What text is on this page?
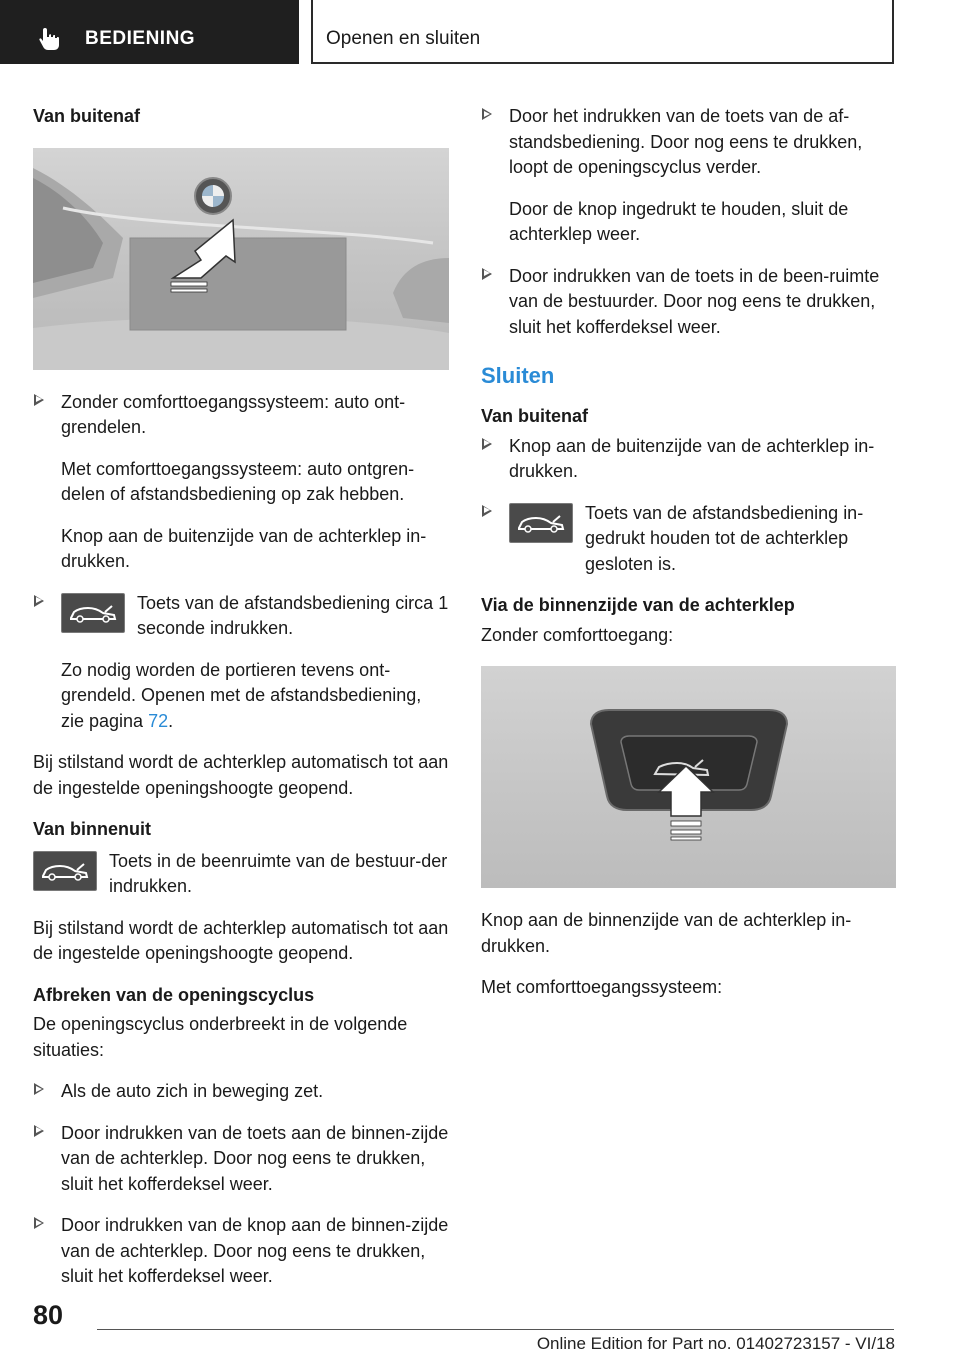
BEDIENING	Openen en sluiten
Van buitenaf
Zonder comforttoegangssysteem: auto ont-grendelen.
Met comforttoegangssysteem: auto ontgren-delen of afstandsbediening op zak hebben.
Knop aan de buitenzijde van de achterklep in-drukken.
Toets van de afstandsbediening circa 1 seconde indrukken.
Zo nodig worden de portieren tevens ont-grendeld. Openen met de afstandsbediening, zie pagina 72.
Bij stilstand wordt de achterklep automatisch tot aan de ingestelde openingshoogte geopend.
Van binnenuit
Toets in de beenruimte van de bestuur-der indrukken.
Bij stilstand wordt de achterklep automatisch tot aan de ingestelde openingshoogte geopend.
Afbreken van de openingscyclus
De openingscyclus onderbreekt in de volgende situaties:
Als de auto zich in beweging zet.
Door indrukken van de toets aan de binnen-zijde van de achterklep. Door nog eens te drukken, sluit het kofferdeksel weer.
Door indrukken van de knop aan de binnen-zijde van de achterklep. Door nog eens te drukken, sluit het kofferdeksel weer.
Door het indrukken van de toets van de af-standsbediening. Door nog eens te drukken, loopt de openingscyclus verder.
Door de knop ingedrukt te houden, sluit de achterklep weer.
Door indrukken van de toets in de been-ruimte van de bestuurder. Door nog eens te drukken, sluit het kofferdeksel weer.
Sluiten
Van buitenaf
Knop aan de buitenzijde van de achterklep in-drukken.
Toets van de afstandsbediening in-gedrukt houden tot de achterklep gesloten is.
Via de binnenzijde van de achterklep
Zonder comforttoegang:
Knop aan de binnenzijde van de achterklep in-drukken.
Met comforttoegangssysteem:
80
Online Edition for Part no. 01402723157 - VI/18
